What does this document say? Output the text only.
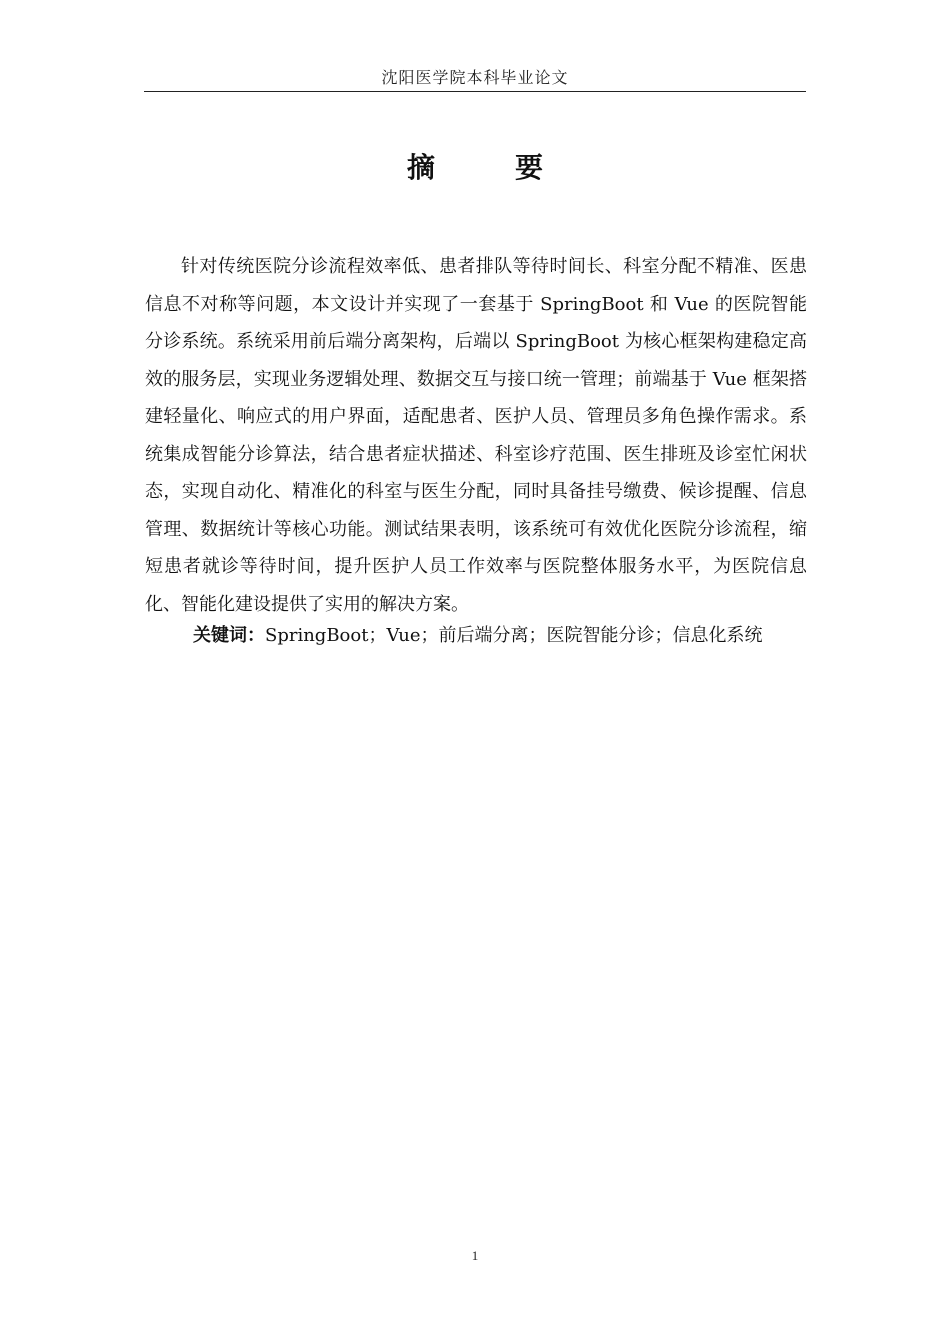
沈阳医学院本科毕业论文
摘　要

针对传统医院分诊流程效率低、患者排队等待时间长、科室分配不精准、医患信息不对称等问题，本文设计并实现了一套基于 SpringBoot 和 Vue 的医院智能分诊系统。系统采用前后端分离架构，后端以 SpringBoot 为核心框架构建稳定高效的服务层，实现业务逻辑处理、数据交互与接口统一管理；前端基于 Vue 框架搭建轻量化、响应式的用户界面，适配患者、医护人员、管理员多角色操作需求。系统集成智能分诊算法，结合患者症状描述、科室诊疗范围、医生排班及诊室忙闲状态，实现自动化、精准化的科室与医生分配，同时具备挂号缴费、候诊提醒、信息管理、数据统计等核心功能。测试结果表明，该系统可有效优化医院分诊流程，缩短患者就诊等待时间，提升医护人员工作效率与医院整体服务水平，为医院信息化、智能化建设提供了实用的解决方案。

关键词：SpringBoot；Vue；前后端分离；医院智能分诊；信息化系统

1
